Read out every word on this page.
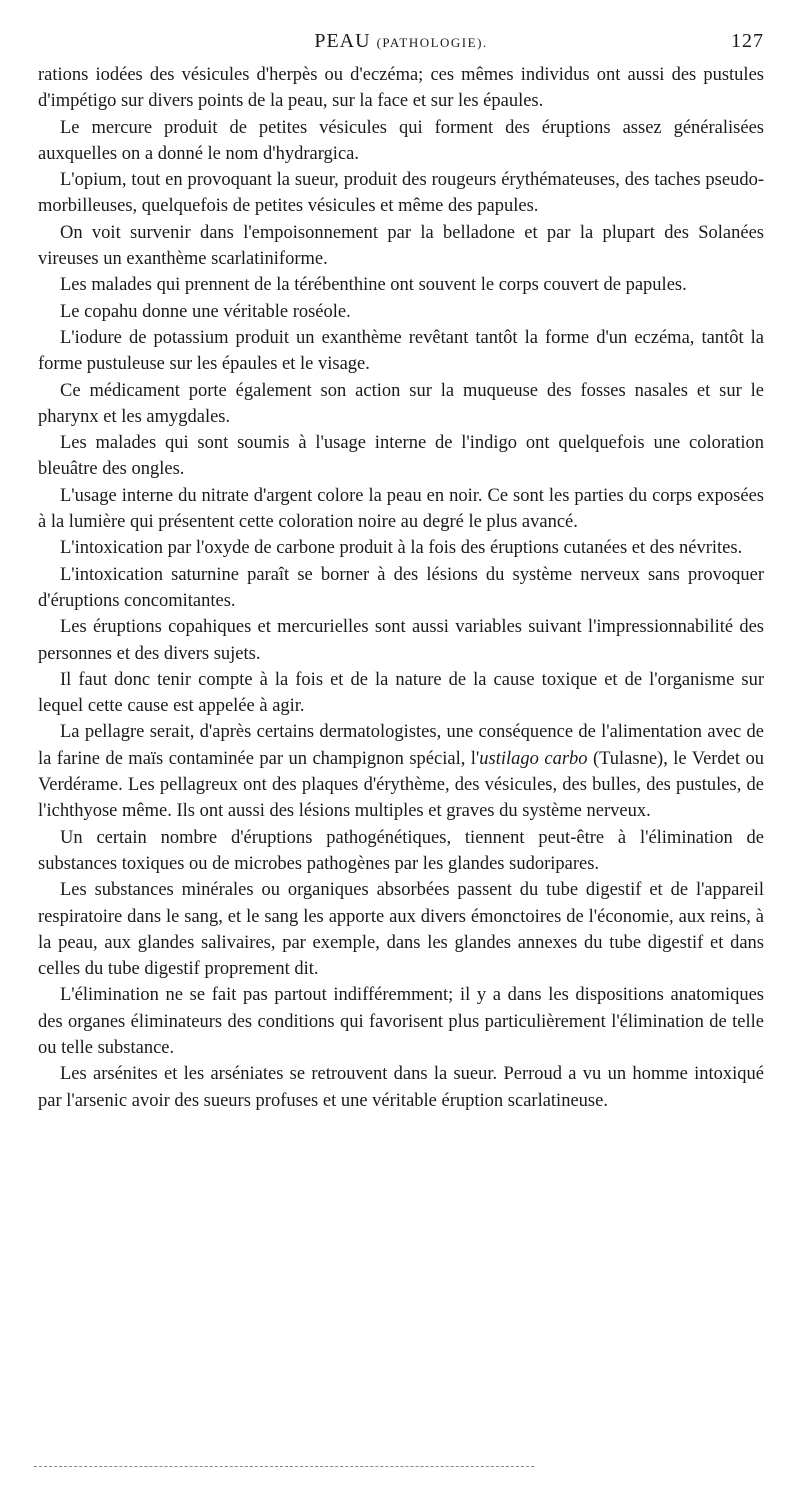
PEAU (PATHOLOGIE).	127

rations iodées des vésicules d'herpès ou d'eczéma; ces mêmes individus ont aussi des pustules d'impétigo sur divers points de la peau, sur la face et sur les épaules.

Le mercure produit de petites vésicules qui forment des éruptions assez généralisées auxquelles on a donné le nom d'hydrargica.

L'opium, tout en provoquant la sueur, produit des rougeurs érythémateuses, des taches pseudo-morbilleuses, quelquefois de petites vésicules et même des papules.

On voit survenir dans l'empoisonnement par la belladone et par la plupart des Solanées vireuses un exanthème scarlatiniforme.

Les malades qui prennent de la térébenthine ont souvent le corps couvert de papules.

Le copahu donne une véritable roséole.

L'iodure de potassium produit un exanthème revêtant tantôt la forme d'un eczéma, tantôt la forme pustuleuse sur les épaules et le visage.

Ce médicament porte également son action sur la muqueuse des fosses nasales et sur le pharynx et les amygdales.

Les malades qui sont soumis à l'usage interne de l'indigo ont quelquefois une coloration bleuâtre des ongles.

L'usage interne du nitrate d'argent colore la peau en noir. Ce sont les parties du corps exposées à la lumière qui présentent cette coloration noire au degré le plus avancé.

L'intoxication par l'oxyde de carbone produit à la fois des éruptions cutanées et des névrites.

L'intoxication saturnine paraît se borner à des lésions du système nerveux sans provoquer d'éruptions concomitantes.

Les éruptions copahiques et mercurielles sont aussi variables suivant l'impressionnabilité des personnes et des divers sujets.

Il faut donc tenir compte à la fois et de la nature de la cause toxique et de l'organisme sur lequel cette cause est appelée à agir.

La pellagre serait, d'après certains dermatologistes, une conséquence de l'alimentation avec de la farine de maïs contaminée par un champignon spécial, l'ustilago carbo (Tulasne), le Verdet ou Verdérame. Les pellagreux ont des plaques d'érythème, des vésicules, des bulles, des pustules, de l'ichthyose même. Ils ont aussi des lésions multiples et graves du système nerveux.

Un certain nombre d'éruptions pathogénétiques, tiennent peut-être à l'élimination de substances toxiques ou de microbes pathogènes par les glandes sudoripares.

Les substances minérales ou organiques absorbées passent du tube digestif et de l'appareil respiratoire dans le sang, et le sang les apporte aux divers émonctoires de l'économie, aux reins, à la peau, aux glandes salivaires, par exemple, dans les glandes annexes du tube digestif et dans celles du tube digestif proprement dit.

L'élimination ne se fait pas partout indifféremment; il y a dans les dispositions anatomiques des organes éliminateurs des conditions qui favorisent plus particulièrement l'élimination de telle ou telle substance.

Les arsénites et les arséniates se retrouvent dans la sueur. Perroud a vu un homme intoxiqué par l'arsenic avoir des sueurs profuses et une véritable éruption scarlatineuse.
